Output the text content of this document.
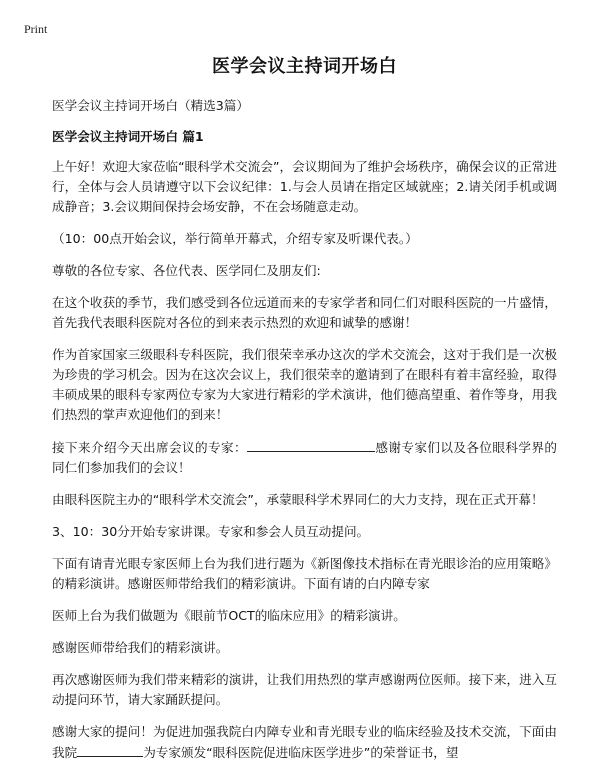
Print
医学会议主持词开场白

医学会议主持词开场白（精选3篇）

医学会议主持词开场白 篇1

上午好！欢迎大家莅临“眼科学术交流会”，会议期间为了维护会场秩序，确保会议的正常进行，全体与会人员请遵守以下会议纪律：1.与会人员请在指定区域就座；2.请关闭手机或调成静音；3.会议期间保持会场安静，不在会场随意走动。

（10：00点开始会议，举行简单开幕式，介绍专家及听课代表。）

尊敬的各位专家、各位代表、医学同仁及朋友们:

在这个收获的季节，我们感受到各位远道而来的专家学者和同仁们对眼科医院的一片盛情，首先我代表眼科医院对各位的到来表示热烈的欢迎和诚挚的感谢！

作为首家国家三级眼科专科医院，我们很荣幸承办这次的学术交流会，这对于我们是一次极为珍贵的学习机会。因为在这次会议上，我们很荣幸的邀请到了在眼科有着丰富经验，取得丰硕成果的眼科专家两位专家为大家进行精彩的学术演讲，他们德高望重、着作等身，用我们热烈的掌声欢迎他们的到来！

接下来介绍今天出席会议的专家：	感谢专家们以及各位眼科学界的同仁们参加我们的会议！

由眼科医院主办的“眼科学术交流会”，承蒙眼科学术界同仁的大力支持，现在正式开幕！

3、10：30分开始专家讲课。专家和参会人员互动提问。

下面有请青光眼专家医师上台为我们进行题为《新图像技术指标在青光眼诊治的应用策略》的精彩演讲。感谢医师带给我们的精彩演讲。下面有请的白内障专家

医师上台为我们做题为《眼前节OCT的临床应用》的精彩演讲。

感谢医师带给我们的精彩演讲。

再次感谢医师为我们带来精彩的演讲，让我们用热烈的掌声感谢两位医师。接下来，进入互动提问环节，请大家踊跃提问。

感谢大家的提问！为促进加强我院白内障专业和青光眼专业的临床经验及技术交流，下面由我院	为专家颁发“眼科医院促进临床医学进步”的荣誉证书，望
